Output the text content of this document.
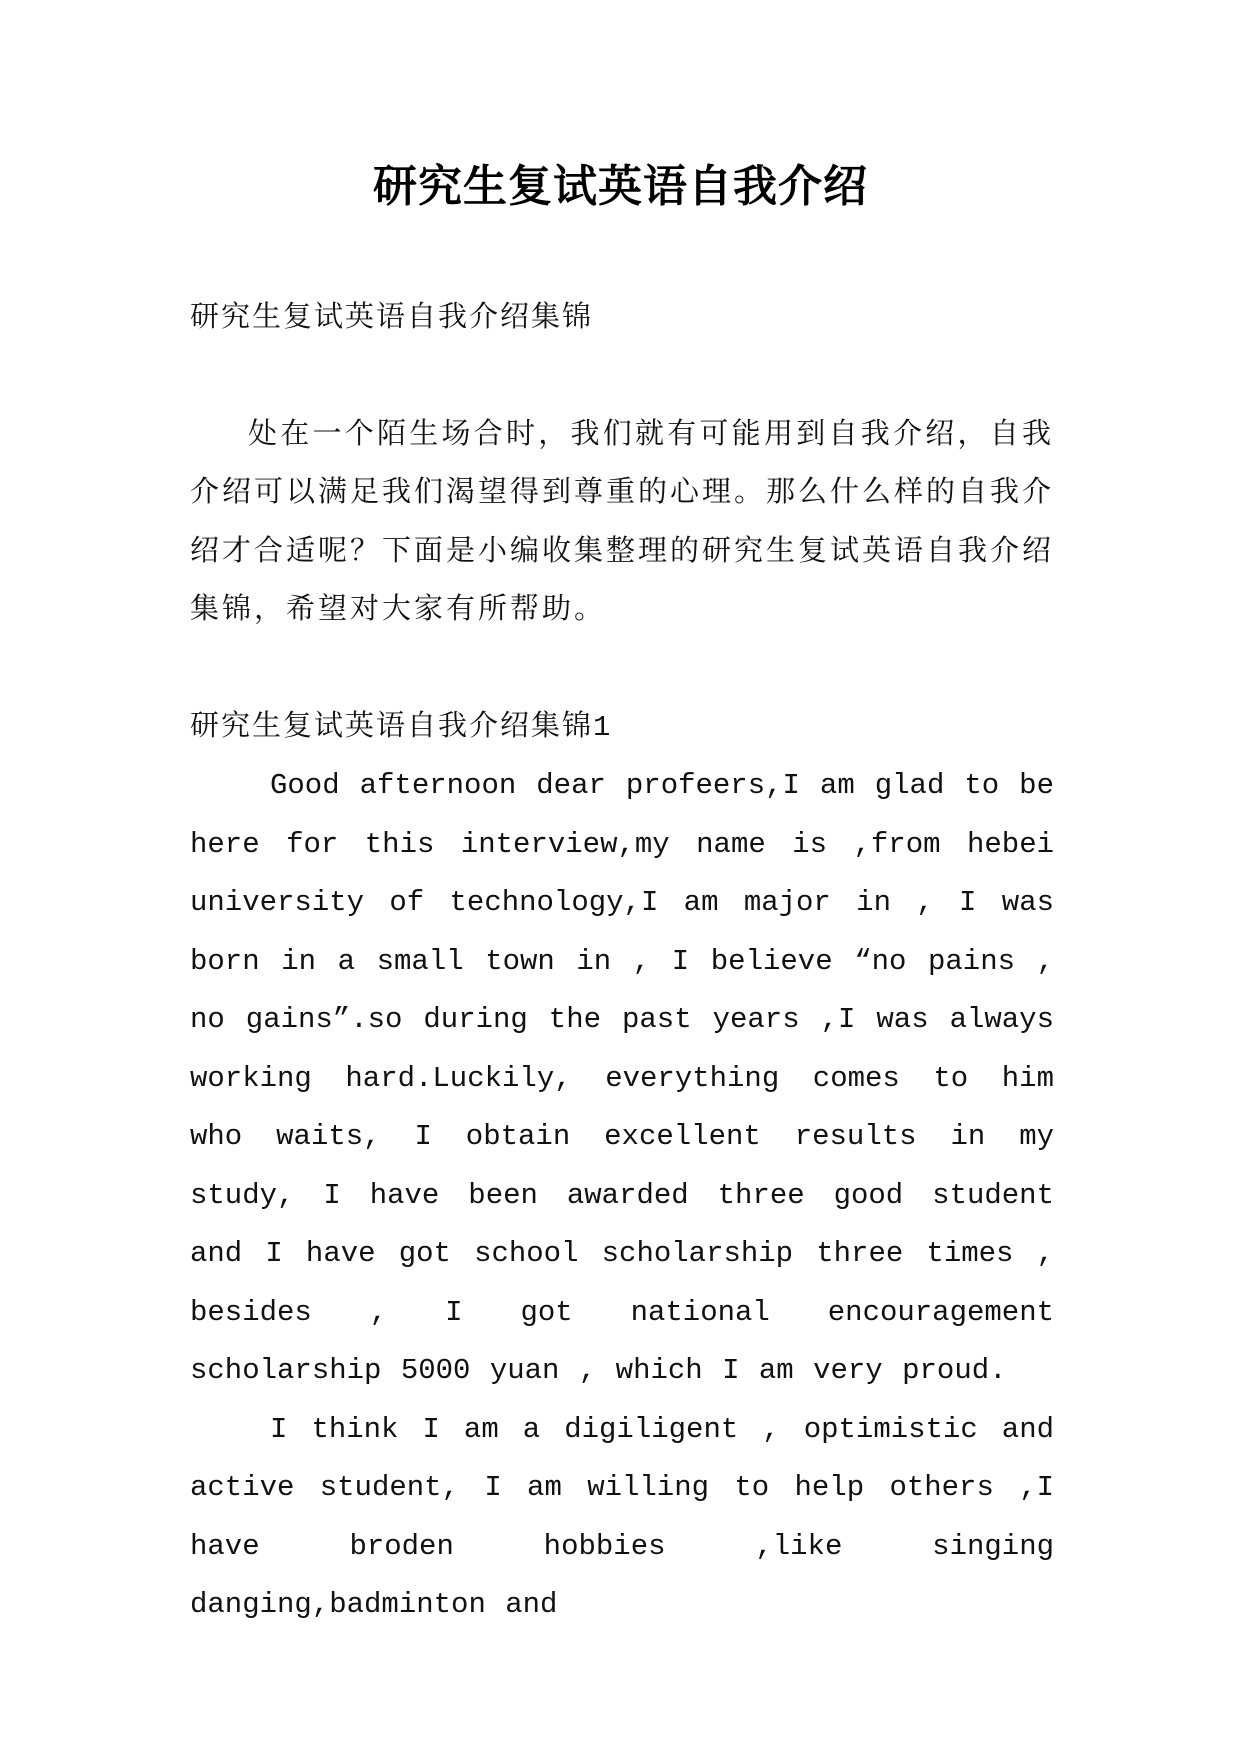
研究生复试英语自我介绍

研究生复试英语自我介绍集锦

处在一个陌生场合时，我们就有可能用到自我介绍，自我介绍可以满足我们渴望得到尊重的心理。那么什么样的自我介绍才合适呢？下面是小编收集整理的研究生复试英语自我介绍集锦，希望对大家有所帮助。

研究生复试英语自我介绍集锦1

Good afternoon dear profeers,I am glad to be here for this interview,my name is ,from hebei university of technology,I am major in , I was born in a small town in , I believe “no pains , no gains”.so during the past years ,I was always working hard.Luckily, everything comes to him who waits, I obtain excellent results in my study, I have been awarded three good student and I have got school scholarship three times , besides , I got national encouragement scholarship 5000 yuan , which I am very proud.

I think I am a digiligent , optimistic and active student, I am willing to help others ,I have broden hobbies ,like singing danging,badminton and
